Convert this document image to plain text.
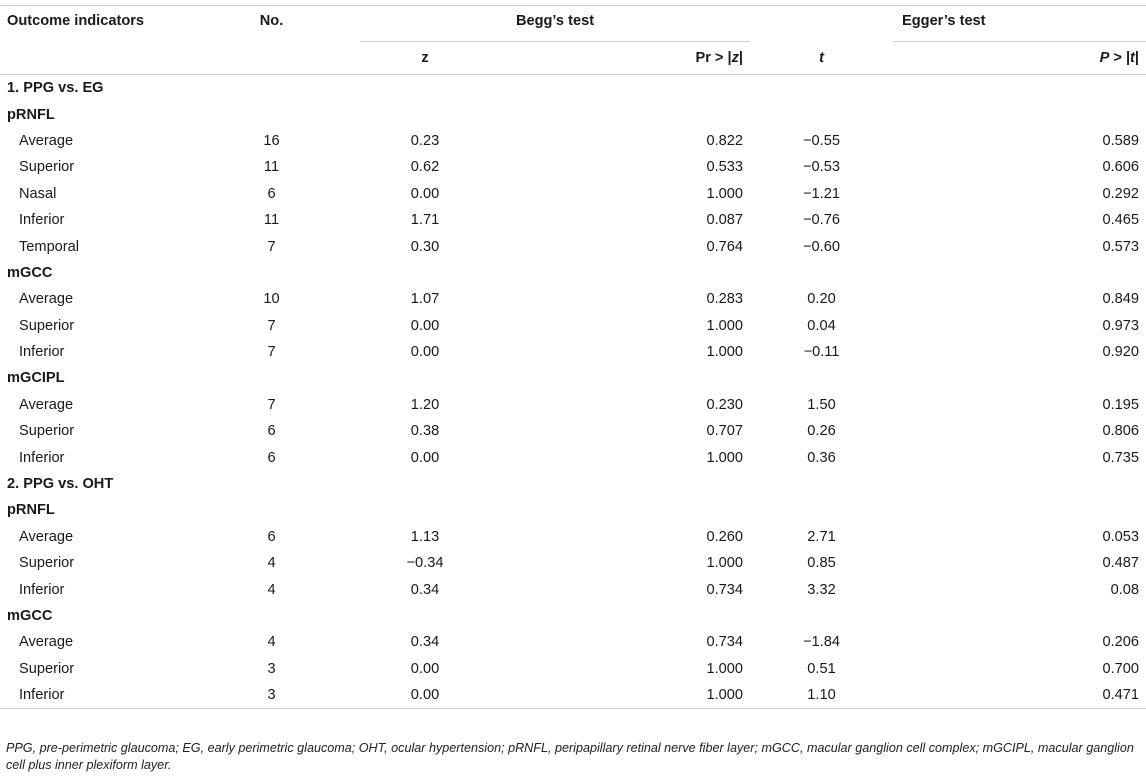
Outcome indicators	No.	Begg’s test			Egger’s test
		z	Pr > |z|	t	P > |t|
1. PPG vs. EG					
pRNFL					
Average	16	0.23	0.822	−0.55	0.589
Superior	11	0.62	0.533	−0.53	0.606
Nasal	6	0.00	1.000	−1.21	0.292
Inferior	11	1.71	0.087	−0.76	0.465
Temporal	7	0.30	0.764	−0.60	0.573
mGCC					
Average	10	1.07	0.283	0.20	0.849
Superior	7	0.00	1.000	0.04	0.973
Inferior	7	0.00	1.000	−0.11	0.920
mGCIPL					
Average	7	1.20	0.230	1.50	0.195
Superior	6	0.38	0.707	0.26	0.806
Inferior	6	0.00	1.000	0.36	0.735
2. PPG vs. OHT					
pRNFL					
Average	6	1.13	0.260	2.71	0.053
Superior	4	−0.34	1.000	0.85	0.487
Inferior	4	0.34	0.734	3.32	0.08
mGCC					
Average	4	0.34	0.734	−1.84	0.206
Superior	3	0.00	1.000	0.51	0.700
Inferior	3	0.00	1.000	1.10	0.471
PPG, pre-perimetric glaucoma; EG, early perimetric glaucoma; OHT, ocular hypertension; pRNFL, peripapillary retinal nerve fiber layer; mGCC, macular ganglion cell complex; mGCIPL, macular ganglion cell plus inner plexiform layer.
